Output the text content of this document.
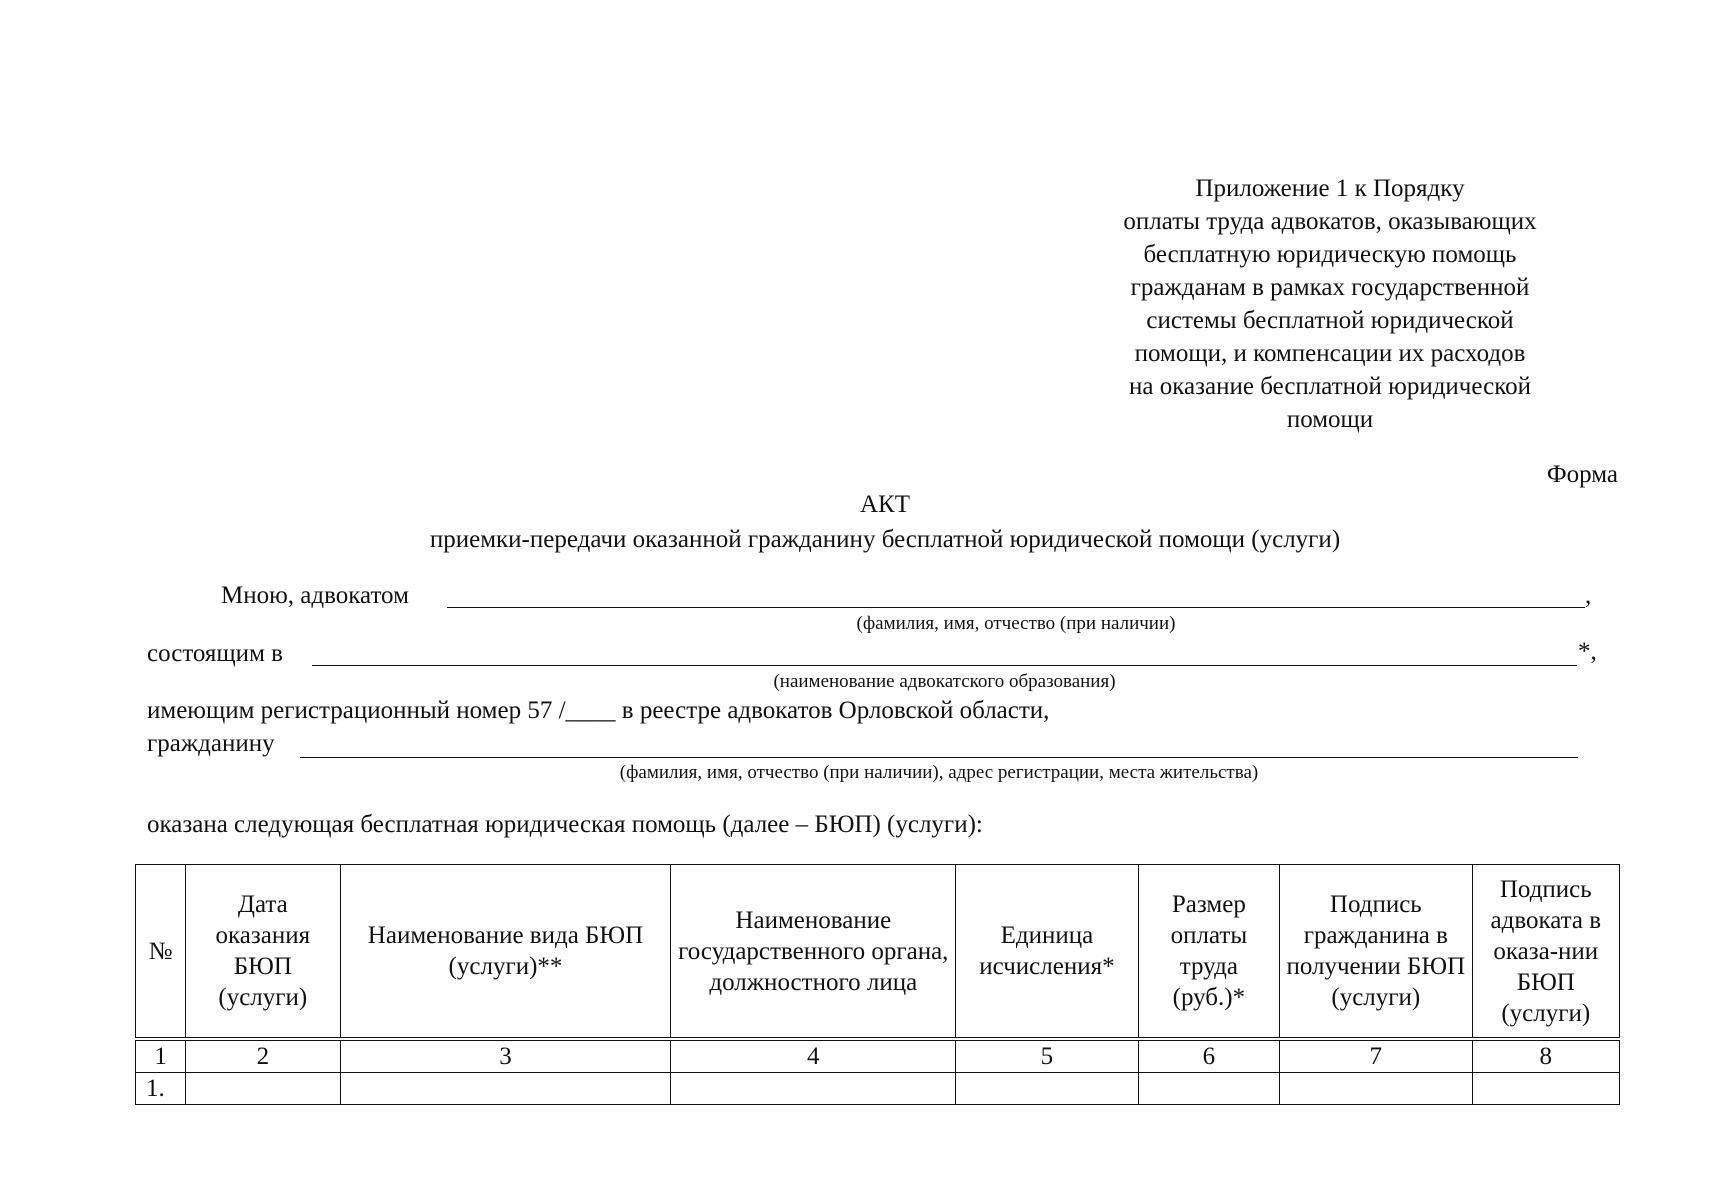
Приложение 1 к Порядку
оплаты труда адвокатов, оказывающих
бесплатную юридическую помощь
гражданам в рамках государственной
системы бесплатной юридической
помощи, и компенсации их расходов
на оказание бесплатной юридической
помощи
Форма
АКТ
приемки-передачи оказанной гражданину бесплатной юридической помощи (услуги)
Мною, адвокатом	,
(фамилия, имя, отчество (при наличии)
состоящим в	*,
(наименование адвокатского образования)
имеющим регистрационный номер 57 /____ в реестре адвокатов Орловской области,
гражданину
(фамилия, имя, отчество (при наличии), адрес регистрации, места жительства)
оказана следующая бесплатная юридическая помощь (далее – БЮП) (услуги):
№	Дата оказания БЮП (услуги)	Наименование вида БЮП (услуги)**	Наименование государственного органа, должностного лица	Единица исчисления*	Размер оплаты труда (руб.)*	Подпись гражданина в получении БЮП (услуги)	Подпись адвоката в оказа-нии БЮП (услуги)

1	2	3	4	5	6	7	8
1.							
